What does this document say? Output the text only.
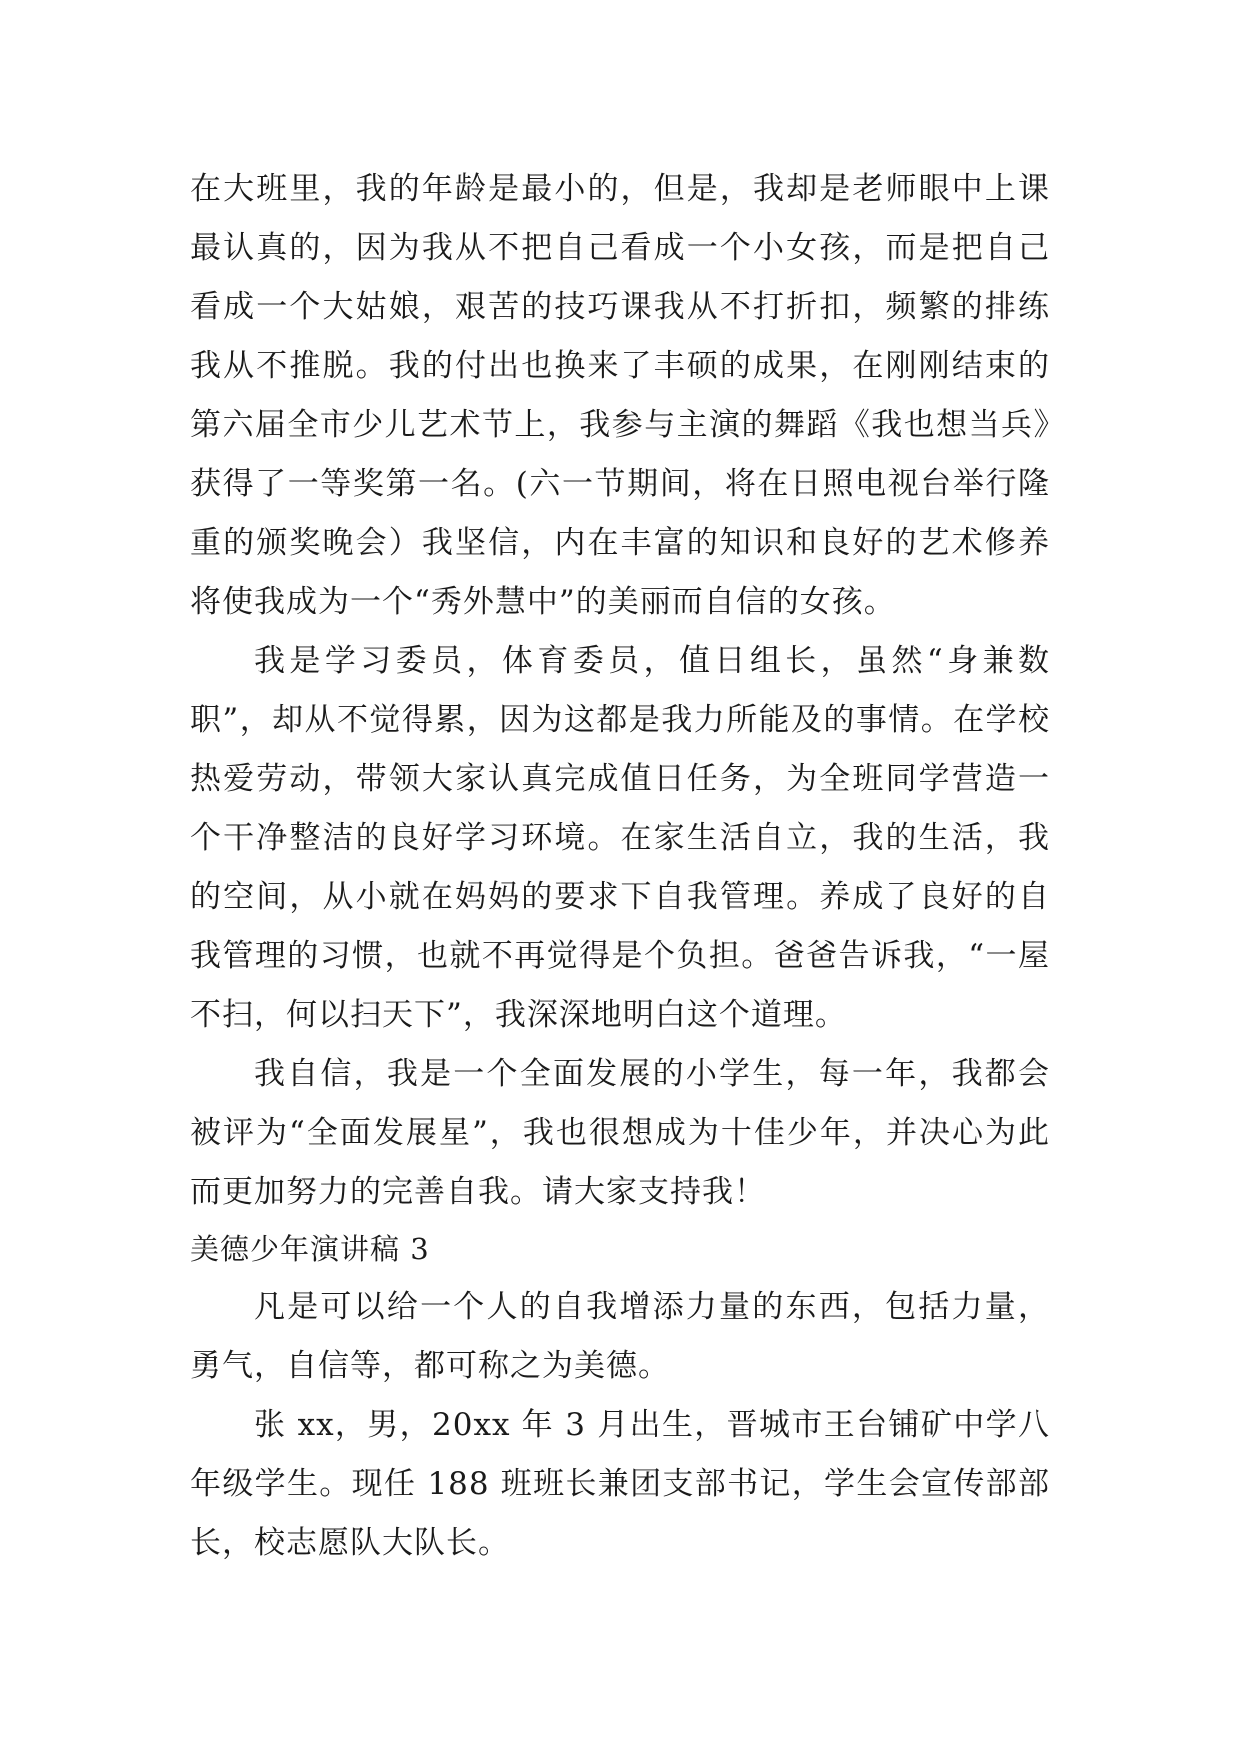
在大班里，我的年龄是最小的，但是，我却是老师眼中上课最认真的，因为我从不把自己看成一个小女孩，而是把自己看成一个大姑娘，艰苦的技巧课我从不打折扣，频繁的排练我从不推脱。我的付出也换来了丰硕的成果，在刚刚结束的第六届全市少儿艺术节上，我参与主演的舞蹈《我也想当兵》获得了一等奖第一名。(六一节期间，将在日照电视台举行隆重的颁奖晚会）我坚信，内在丰富的知识和良好的艺术修养将使我成为一个“秀外慧中”的美丽而自信的女孩。

我是学习委员，体育委员，值日组长，虽然“身兼数职”，却从不觉得累，因为这都是我力所能及的事情。在学校热爱劳动，带领大家认真完成值日任务，为全班同学营造一个干净整洁的良好学习环境。在家生活自立，我的生活，我的空间，从小就在妈妈的要求下自我管理。养成了良好的自我管理的习惯，也就不再觉得是个负担。爸爸告诉我，“一屋不扫，何以扫天下”，我深深地明白这个道理。

我自信，我是一个全面发展的小学生，每一年，我都会被评为“全面发展星”，我也很想成为十佳少年，并决心为此而更加努力的完善自我。请大家支持我！

美德少年演讲稿 3

凡是可以给一个人的自我增添力量的东西，包括力量，勇气，自信等，都可称之为美德。

张 xx，男，20xx 年 3 月出生，晋城市王台铺矿中学八年级学生。现任 188 班班长兼团支部书记，学生会宣传部部长，校志愿队大队长。
